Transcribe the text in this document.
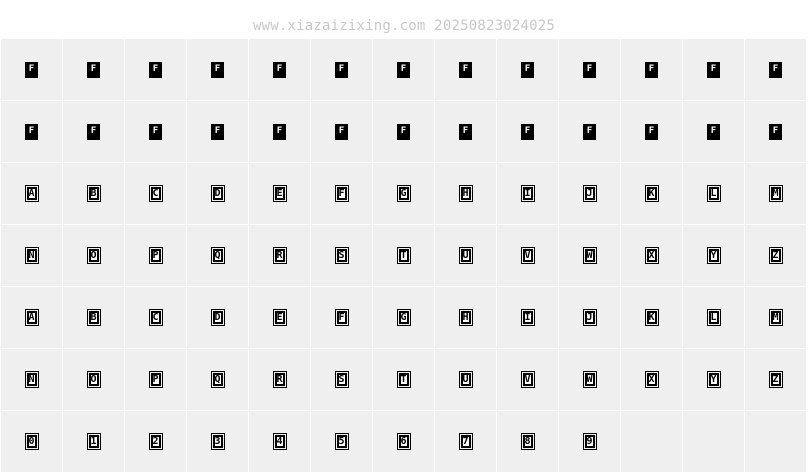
www.xiazaizixing.com 20250823024025
F	F	F	F	F	F	F	F	F	F	F	F	F
F	F	F	F	F	F	F	F	F	F	F	F	F
A	B	C	D	E	F	G	H	I	J	K	L	M
N	O	P	Q	R	S	T	U	V	W	X	Y	Z
A	B	C	D	E	F	G	H	I	J	K	L	M
N	O	P	Q	R	S	T	U	V	W	X	Y	Z
0	1	2	3	4	5	6	7	8	9
